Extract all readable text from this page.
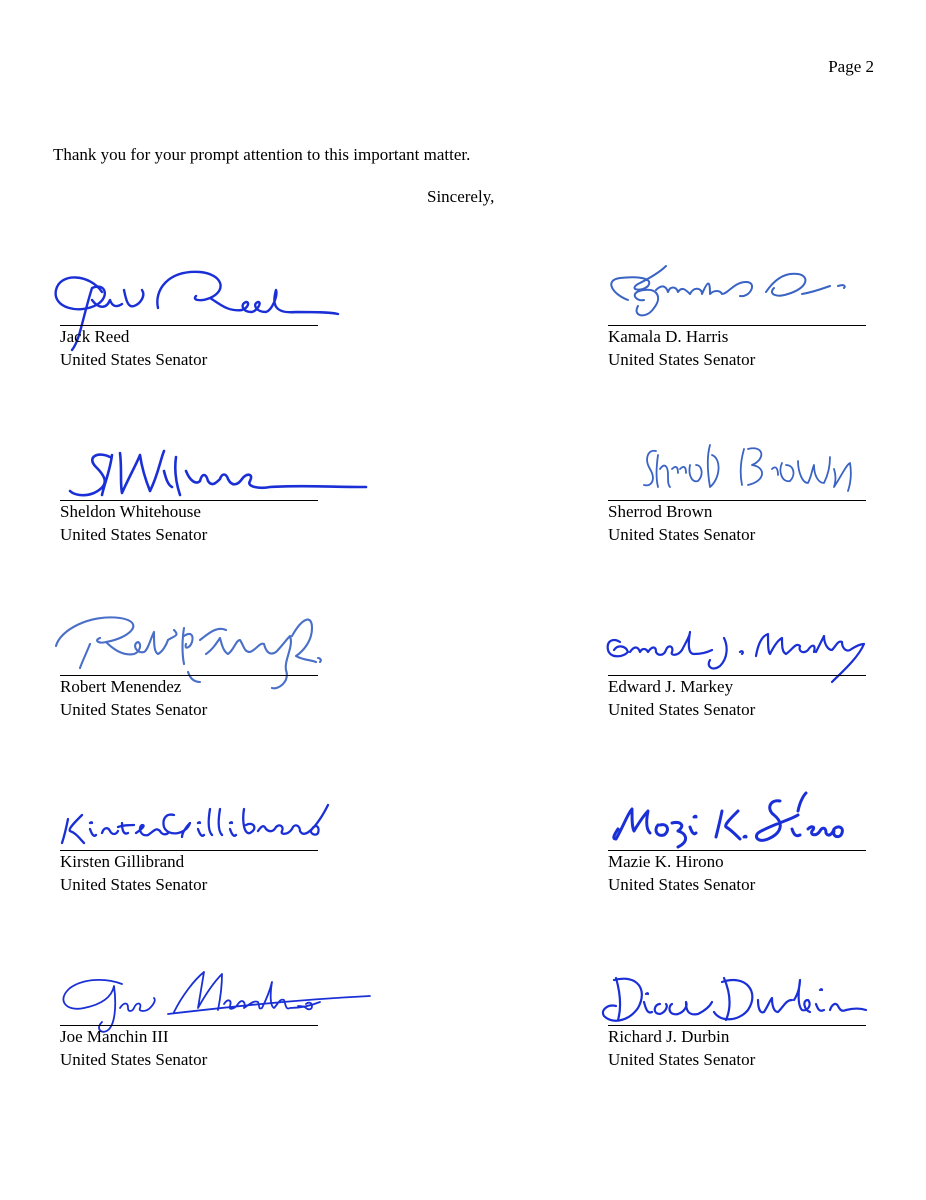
Page 2
Thank you for your prompt attention to this important matter.
Sincerely,
Jack Reed
United States Senator
Kamala D. Harris
United States Senator
Sheldon Whitehouse
United States Senator
Sherrod Brown
United States Senator
Robert Menendez
United States Senator
Edward J. Markey
United States Senator
Kirsten Gillibrand
United States Senator
Mazie K. Hirono
United States Senator
Joe Manchin III
United States Senator
Richard J. Durbin
United States Senator
